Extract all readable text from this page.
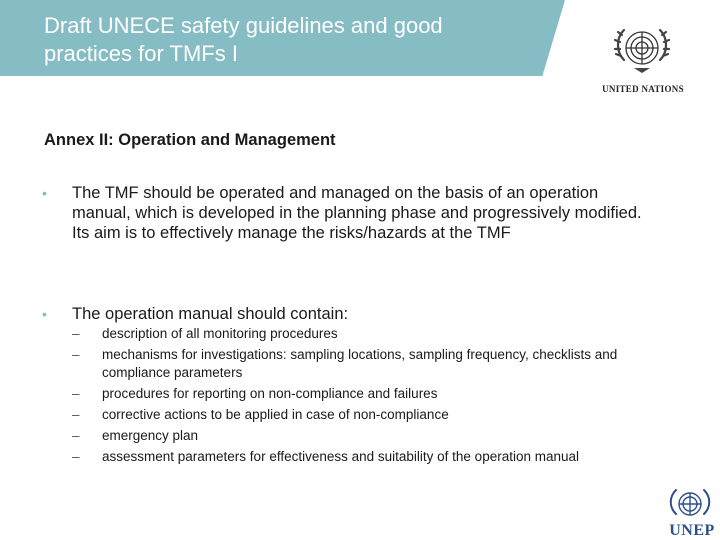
Draft UNECE safety guidelines and good
practices for TMFs I
UNITED NATIONS
Annex II: Operation and Management
• The TMF should be operated and managed on the basis of an operation manual, which is developed in the planning phase and progressively modified. Its aim is to effectively manage the risks/hazards at the TMF
• The operation manual should contain:
– description of all monitoring procedures
– mechanisms for investigations: sampling locations, sampling frequency, checklists and compliance parameters
– procedures for reporting on non-compliance and failures
– corrective actions to be applied in case of non-compliance
– emergency plan
– assessment parameters for effectiveness and suitability of the operation manual
UNEP
